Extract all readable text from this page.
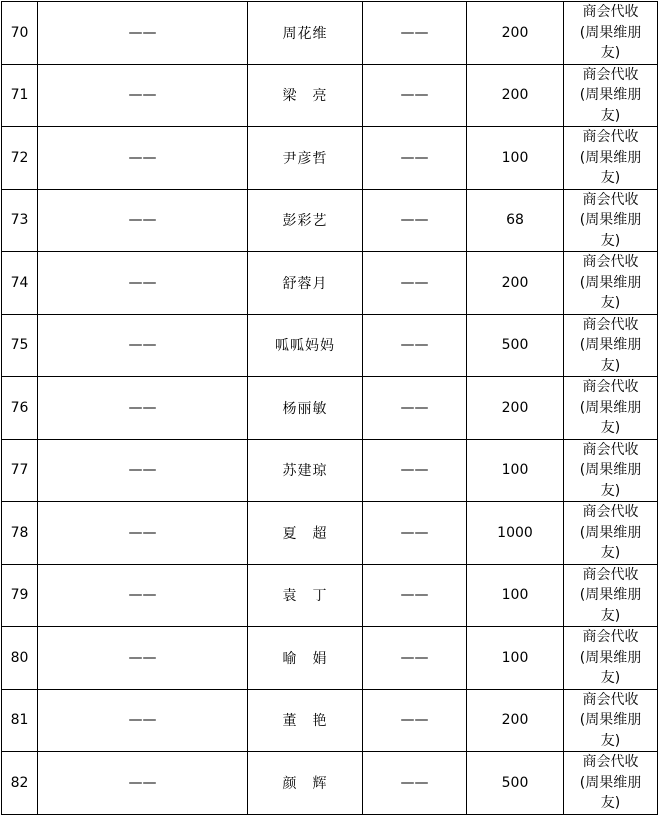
70	——	周花维	——	200	商会代收
(周果维朋
友)

71	——	梁　亮	——	200	商会代收
(周果维朋
友)

72	——	尹彦哲	——	100	商会代收
(周果维朋
友)

73	——	彭彩艺	——	68	商会代收
(周果维朋
友)

74	——	舒蓉月	——	200	商会代收
(周果维朋
友)

75	——	呱呱妈妈	——	500	商会代收
(周果维朋
友)

76	——	杨丽敏	——	200	商会代收
(周果维朋
友)

77	——	苏建琼	——	100	商会代收
(周果维朋
友)

78	——	夏　超	——	1000	商会代收
(周果维朋
友)

79	——	袁　丁	——	100	商会代收
(周果维朋
友)

80	——	喻　娟	——	100	商会代收
(周果维朋
友)

81	——	董　艳	——	200	商会代收
(周果维朋
友)

82	——	颜　辉	——	500	商会代收
(周果维朋
友)
